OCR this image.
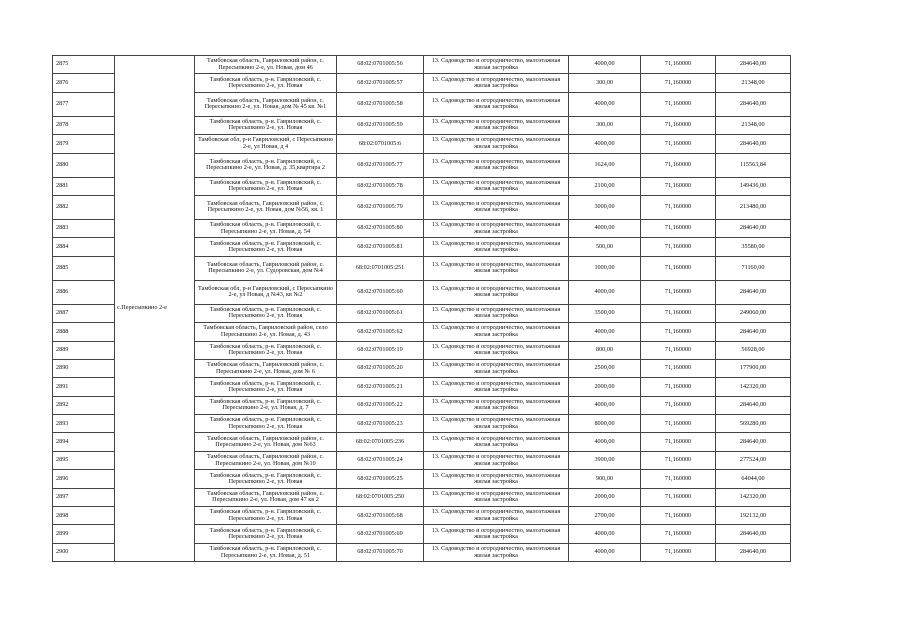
2875	с.Пересыпкино 2-е	Тамбовская область, Гавриловский район, с. Пересыпкино 2-е, ул. Новая, дом 46	68:02:0701005:56	13. Садоводство и огородничество, малоэтажная жилая застройка	4000,00	71,160000	284640,00
2876		Тамбовская область, р-н. Гавриловский, с. Пересыпкино 2-е, ул. Новая	68:02:0701005:57	13. Садоводство и огородничество, малоэтажная жилая застройка	300,00	71,160000	21348,00
2877		Тамбовская область, Гавриловский район, с. Пересыпкино 2-е, ул. Новая, дом № 45 кв. №1	68:02:0701005:58	13. Садоводство и огородничество, малоэтажная жилая застройка	4000,00	71,160000	284640,00
2878		Тамбовская область, р-н. Гавриловский, с. Пересыпкино 2-е, ул. Новая	68:02:0701005:59	13. Садоводство и огородничество, малоэтажная жилая застройка	300,00	71,160000	21348,00
2879		Тамбовская обл, р-н Гавриловский, с Пересыпкино 2-е, ул Новая, д 4	68:02:0701005:6	13. Садоводство и огородничество, малоэтажная жилая застройка	4000,00	71,160000	284640,00
2880		Тамбовская область, р-н. Гавриловский, с. Пересыпкино 2-е, ул. Новая, д. 35,квартира 2	68:02:0701005:77	13. Садоводство и огородничество, малоэтажная жилая застройка	1624,00	71,160000	115563,84
2881		Тамбовская область, р-н. Гавриловский, с. Пересыпкино 2-е, ул. Новая	68:02:0701005:78	13. Садоводство и огородничество, малоэтажная жилая застройка	2100,00	71,160000	149436,00
2882		Тамбовская область, Гавриловский район, с. Пересыпкино 2-е, ул. Новая, дом №56, кв. 1	68:02:0701005:79	13. Садоводство и огородничество, малоэтажная жилая застройка	3000,00	71,160000	213480,00
2883		Тамбовская область, р-н. Гавриловский, с. Пересыпкино 2-е, ул. Новая, д. 54	68:02:0701005:80	13. Садоводство и огородничество, малоэтажная жилая застройка	4000,00	71,160000	284640,00
2884		Тамбовская область, р-н. Гавриловский, с. Пересыпкино 2-е, ул. Новая	68:02:0701005:81	13. Садоводство и огородничество, малоэтажная жилая застройка	500,00	71,160000	35580,00
2885		Тамбовская область, Гавриловский район, с. Пересыпкино 2-е, ул. Судоровская, дом №4	68:02:0701005:251	13. Садоводство и огородничество, малоэтажная жилая застройка	1000,00	71,160000	71160,00
2886		Тамбовская обл, р-н Гавриловский, с Пересыпкино 2-е, ул Новая, д №43, кв №2	68:02:0701005:60	13. Садоводство и огородничество, малоэтажная жилая застройка	4000,00	71,160000	284640,00
2887		Тамбовская область, р-н. Гавриловский, с. Пересыпкино 2-е, ул. Новая	68:02:0701005:61	13. Садоводство и огородничество, малоэтажная жилая застройка	3500,00	71,160000	249060,00
2888		Тамбовская область, Гавриловский район, село Пересыпкино 2-е, ул. Новая, д. 43	68:02:0701005:62	13. Садоводство и огородничество, малоэтажная жилая застройка	4000,00	71,160000	284640,00
2889		Тамбовская область, р-н. Гавриловский, с. Пересыпкино 2-е, ул. Новая	68:02:0701005:19	13. Садоводство и огородничество, малоэтажная жилая застройка	800,00	71,160000	56928,00
2890		Тамбовская область, Гавриловский район, с. Пересыпкино 2-е, ул. Новая, дом № 6	68:02:0701005:20	13. Садоводство и огородничество, малоэтажная жилая застройка	2500,00	71,160000	177900,00
2891		Тамбовская область, р-н. Гавриловский, с. Пересыпкино 2-е, ул. Новая	68:02:0701005:21	13. Садоводство и огородничество, малоэтажная жилая застройка	2000,00	71,160000	142320,00
2892		Тамбовская область, р-н. Гавриловский, с. Пересыпкино 2-е, ул. Новая, д. 7	68:02:0701005:22	13. Садоводство и огородничество, малоэтажная жилая застройка	4000,00	71,160000	284640,00
2893		Тамбовская область, р-н. Гавриловский, с. Пересыпкино 2-е, ул. Новая	68:02:0701005:23	13. Садоводство и огородничество, малоэтажная жилая застройка	8000,00	71,160000	569280,00
2894		Тамбовская область, Гавриловский район, с. Пересыпкино 2-е, ул. Новая, дом №63	68:02:0701005:236	13. Садоводство и огородничество, малоэтажная жилая застройка	4000,00	71,160000	284640,00
2895		Тамбовская область, Гавриловский район, с. Пересыпкино 2-е, ул. Новая, дом №10	68:02:0701005:24	13. Садоводство и огородничество, малоэтажная жилая застройка	3900,00	71,160000	277524,00
2896		Тамбовская область, р-н. Гавриловский, с. Пересыпкино 2-е, ул. Новая	68:02:0701005:25	13. Садоводство и огородничество, малоэтажная жилая застройка	900,00	71,160000	64044,00
2897		Тамбовская область, Гавриловский район, с. Пересыпкино 2-е, ул. Новая, дом 47 кв 2	68:02:0701005:250	13. Садоводство и огородничество, малоэтажная жилая застройка	2000,00	71,160000	142320,00
2898		Тамбовская область, р-н. Гавриловский, с. Пересыпкино 2-е, ул. Новая	68:02:0701005:68	13. Садоводство и огородничество, малоэтажная жилая застройка	2700,00	71,160000	192132,00
2899		Тамбовская область, р-н. Гавриловский, с. Пересыпкино 2-е, ул. Новая	68:02:0701005:69	13. Садоводство и огородничество, малоэтажная жилая застройка	4000,00	71,160000	284640,00
2900		Тамбовская область, р-н. Гавриловский, с. Пересыпкино 2-е, ул. Новая, д. 51	68:02:0701005:70	13. Садоводство и огородничество, малоэтажная жилая застройка	4000,00	71,160000	284640,00
